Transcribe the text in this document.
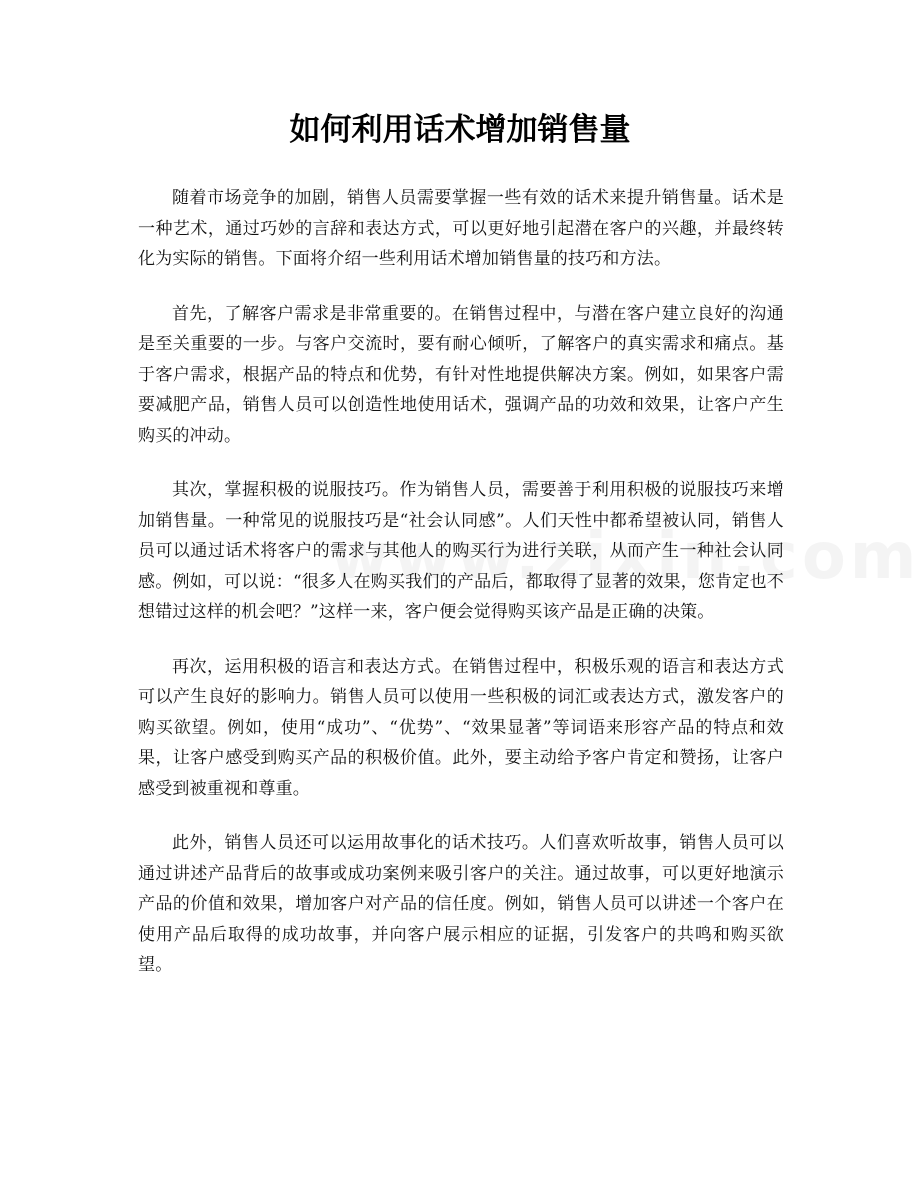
如何利用话术增加销售量

随着市场竞争的加剧，销售人员需要掌握一些有效的话术来提升销售量。话术是一种艺术，通过巧妙的言辞和表达方式，可以更好地引起潜在客户的兴趣，并最终转化为实际的销售。下面将介绍一些利用话术增加销售量的技巧和方法。

首先，了解客户需求是非常重要的。在销售过程中，与潜在客户建立良好的沟通是至关重要的一步。与客户交流时，要有耐心倾听，了解客户的真实需求和痛点。基于客户需求，根据产品的特点和优势，有针对性地提供解决方案。例如，如果客户需要减肥产品，销售人员可以创造性地使用话术，强调产品的功效和效果，让客户产生购买的冲动。

其次，掌握积极的说服技巧。作为销售人员，需要善于利用积极的说服技巧来增加销售量。一种常见的说服技巧是“社会认同感”。人们天性中都希望被认同，销售人员可以通过话术将客户的需求与其他人的购买行为进行关联，从而产生一种社会认同感。例如，可以说：“很多人在购买我们的产品后，都取得了显著的效果，您肯定也不想错过这样的机会吧？”这样一来，客户便会觉得购买该产品是正确的决策。

再次，运用积极的语言和表达方式。在销售过程中，积极乐观的语言和表达方式可以产生良好的影响力。销售人员可以使用一些积极的词汇或表达方式，激发客户的购买欲望。例如，使用“成功”、“优势”、“效果显著”等词语来形容产品的特点和效果，让客户感受到购买产品的积极价值。此外，要主动给予客户肯定和赞扬，让客户感受到被重视和尊重。

此外，销售人员还可以运用故事化的话术技巧。人们喜欢听故事，销售人员可以通过讲述产品背后的故事或成功案例来吸引客户的关注。通过故事，可以更好地演示产品的价值和效果，增加客户对产品的信任度。例如，销售人员可以讲述一个客户在使用产品后取得的成功故事，并向客户展示相应的证据，引发客户的共鸣和购买欲望。
